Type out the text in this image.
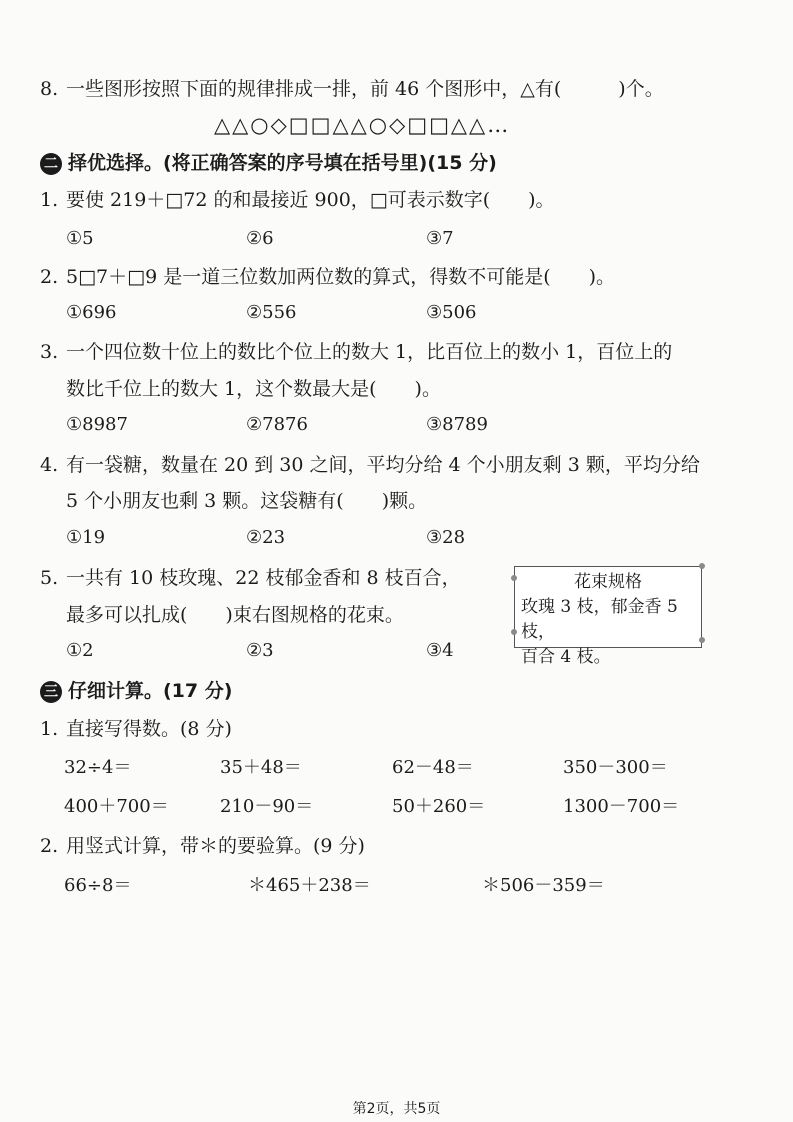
8. 一些图形按照下面的规律排成一排，前 46 个图形中，△有(　　　)个。
△△○◇□□△△○◇□□△△…
二 择优选择。(将正确答案的序号填在括号里)(15 分)
1. 要使 219＋□72 的和最接近 900，□可表示数字(　　)。
①5	②6	③7
2. 5□7＋□9 是一道三位数加两位数的算式，得数不可能是(　　)。
①696	②556	③506
3. 一个四位数十位上的数比个位上的数大 1，比百位上的数小 1，百位上的
数比千位上的数大 1，这个数最大是(　　)。
①8987	②7876	③8789
4. 有一袋糖，数量在 20 到 30 之间，平均分给 4 个小朋友剩 3 颗，平均分给
5 个小朋友也剩 3 颗。这袋糖有(　　)颗。
①19	②23	③28
5. 一共有 10 枝玫瑰、22 枝郁金香和 8 枝百合，
最多可以扎成(　　)束右图规格的花束。
①2	②3	③4
花束规格
玫瑰 3 枝，郁金香 5 枝，
百合 4 枝。
三 仔细计算。(17 分)
1. 直接写得数。(8 分)
32÷4＝	35＋48＝	62－48＝	350－300＝
400＋700＝	210－90＝	50＋260＝	1300－700＝
2. 用竖式计算，带＊的要验算。(9 分)
66÷8＝	＊465＋238＝	＊506－359＝
第2页，共5页
